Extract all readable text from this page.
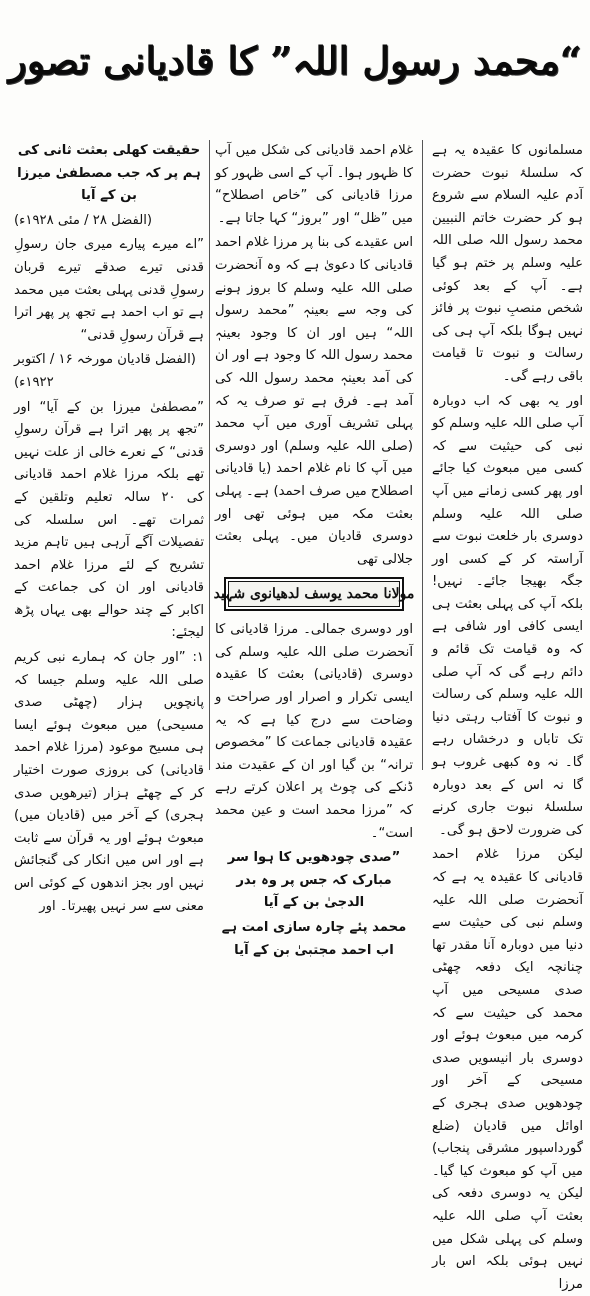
“محمد رسول اللہ” کا قادیانی تصور

مسلمانوں کا عقیدہ یہ ہے کہ سلسلۂ نبوت حضرت آدم علیہ السلام سے شروع ہو کر حضرت خاتم النبیین محمد رسول اللہ صلی اللہ علیہ وسلم پر ختم ہو گیا ہے۔ آپ کے بعد کوئی شخص منصبِ نبوت پر فائز نہیں ہوگا بلکہ آپ ہی کی رسالت و نبوت تا قیامت باقی رہے گی۔

اور یہ بھی کہ اب دوبارہ آپ صلی اللہ علیہ وسلم کو نبی کی حیثیت سے کہ کسی میں مبعوث کیا جائے اور پھر کسی زمانے میں آپ صلی اللہ علیہ وسلم دوسری بار خلعت نبوت سے آراستہ کر کے کسی اور جگہ بھیجا جائے۔ نہیں! بلکہ آپ کی پہلی بعثت ہی ایسی کافی اور شافی ہے کہ وہ قیامت تک قائم و دائم رہے گی کہ آپ صلی اللہ علیہ وسلم کی رسالت و نبوت کا آفتاب رہتی دنیا تک تاباں و درخشاں رہے گا۔ نہ وہ کبھی غروب ہو گا نہ اس کے بعد دوبارہ سلسلۂ نبوت جاری کرنے کی ضرورت لاحق ہو گی۔

لیکن مرزا غلام احمد قادیانی کا عقیدہ یہ ہے کہ آنحضرت صلی اللہ علیہ وسلم نبی کی حیثیت سے دنیا میں دوبارہ آنا مقدر تھا چنانچہ ایک دفعہ چھٹی صدی مسیحی میں آپ محمد کی حیثیت سے کہ کرمہ میں مبعوث ہوئے اور دوسری بار انیسویں صدی مسیحی کے آخر اور چودھویں صدی ہجری کے اوائل میں قادیان (ضلع گورداسپور مشرقی پنجاب) میں آپ کو مبعوث کیا گیا۔ لیکن یہ دوسری دفعہ کی بعثت آپ صلی اللہ علیہ وسلم کی پہلی شکل میں نہیں ہوئی بلکہ اس بار مرزا

غلام احمد قادیانی کی شکل میں آپ کا ظہور ہوا۔ آپ کے اسی ظہور کو مرزا قادیانی کی ”خاص اصطلاح“ میں ”ظل“ اور ”بروز“ کہا جاتا ہے۔

اس عقیدے کی بنا پر مرزا غلام احمد قادیانی کا دعویٰ ہے کہ وہ آنحضرت صلی اللہ علیہ وسلم کا بروز ہونے کی وجہ سے بعینہٖ ”محمد رسول اللہ“ ہیں اور ان کا وجود بعینہٖ محمد رسول اللہ کا وجود ہے اور ان کی آمد بعینہٖ محمد رسول اللہ کی آمد ہے۔ فرق ہے تو صرف یہ کہ پہلی تشریف آوری میں آپ محمد (صلی اللہ علیہ وسلم) اور دوسری میں آپ کا نام غلام احمد (یا قادیانی اصطلاح میں صرف احمد) ہے۔ پہلی بعثت مکہ میں ہوئی تھی اور دوسری قادیان میں۔ پہلی بعثت جلالی تھی

مولانا محمد یوسف لدھیانوی شہید

اور دوسری جمالی۔ مرزا قادیانی کا آنحضرت صلی اللہ علیہ وسلم کی دوسری (قادیانی) بعثت کا عقیدہ ایسی تکرار و اصرار اور صراحت و وضاحت سے درج کیا ہے کہ یہ عقیدہ قادیانی جماعت کا ”مخصوص ترانہ“ بن گیا اور ان کے عقیدت مند ڈنکے کی چوٹ پر اعلان کرتے رہے کہ ”مرزا محمد است و عین محمد است“۔

”صدی چودھویں کا ہوا سر مبارک کہ جس پر وہ بدر الدجیٰ بن کے آیا

محمد پئے چارہ سازی امت ہے اب احمد مجتبیٰ بن کے آیا

حقیقت کھلی بعثت ثانی کی ہم پر کہ جب مصطفیٰ میرزا بن کے آیا

(الفضل ۲۸ / مئی ۱۹۲۸ء)

”اے میرے پیارے میری جان رسولِ قدنی تیرے صدقے تیرے قربان رسولِ قدنی پہلی بعثت میں محمد ہے تو اب احمد ہے تجھ پر پھر اترا ہے قرآن رسولِ قدنی“

(الفضل قادیان مورخہ ۱۶ / اکتوبر ۱۹۲۲ء)

”مصطفیٰ میرزا بن کے آیا“ اور ”تجھ پر پھر اترا ہے قرآن رسولِ قدنی“ کے نعرے خالی از علت نہیں تھے بلکہ مرزا غلام احمد قادیانی کی ۲۰ سالہ تعلیم وتلقین کے ثمرات تھے۔ اس سلسلہ کی تفصیلات آگے آرہی ہیں تاہم مزید تشریح کے لئے مرزا غلام احمد قادیانی اور ان کی جماعت کے اکابر کے چند حوالے بھی یہاں پڑھ لیجئے:

۱: ”اور جان کہ ہمارے نبی کریم صلی اللہ علیہ وسلم جیسا کہ پانچویں ہزار (چھٹی صدی مسیحی) میں مبعوث ہوئے ایسا ہی مسیح موعود (مرزا غلام احمد قادیانی) کی بروزی صورت اختیار کر کے چھٹے ہزار (تیرھویں صدی ہجری) کے آخر میں (قادیان میں) مبعوث ہوئے اور یہ قرآن سے ثابت ہے اور اس میں انکار کی گنجائش نہیں اور بجز اندھوں کے کوئی اس معنی سے سر نہیں پھیرتا۔ اور
